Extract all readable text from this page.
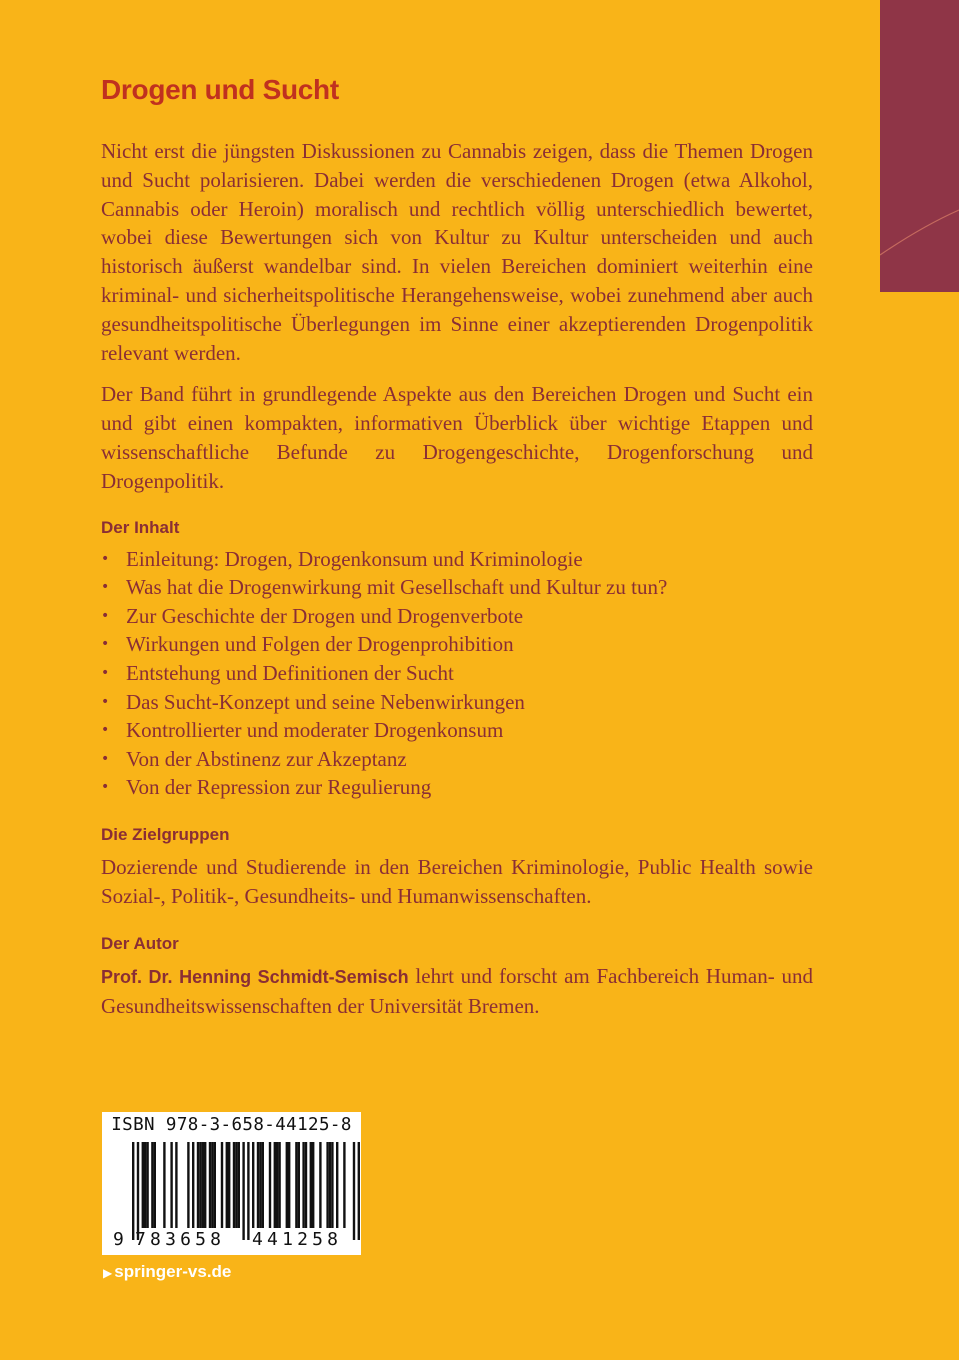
Drogen und Sucht

Nicht erst die jüngsten Diskussionen zu Cannabis zeigen, dass die Themen Drogen und Sucht polarisieren. Dabei werden die verschiedenen Drogen (etwa Alkohol, Cannabis oder Heroin) moralisch und rechtlich völlig unterschiedlich bewertet, wobei diese Bewertungen sich von Kultur zu Kultur unterscheiden und auch historisch äußerst wandelbar sind. In vielen Bereichen dominiert weiterhin eine kriminal- und sicherheitspolitische Herangehensweise, wobei zunehmend aber auch gesundheitspolitische Überlegungen im Sinne einer akzeptierenden Drogenpolitik relevant werden.

Der Band führt in grundlegende Aspekte aus den Bereichen Drogen und Sucht ein und gibt einen kompakten, informativen Überblick über wichtige Etappen und wissenschaftliche Befunde zu Drogengeschichte, Drogenforschung und Drogenpolitik.

Der Inhalt
• Einleitung: Drogen, Drogenkonsum und Kriminologie
• Was hat die Drogenwirkung mit Gesellschaft und Kultur zu tun?
• Zur Geschichte der Drogen und Drogenverbote
• Wirkungen und Folgen der Drogenprohibition
• Entstehung und Definitionen der Sucht
• Das Sucht-Konzept und seine Nebenwirkungen
• Kontrollierter und moderater Drogenkonsum
• Von der Abstinenz zur Akzeptanz
• Von der Repression zur Regulierung
Die Zielgruppen

Dozierende und Studierende in den Bereichen Kriminologie, Public Health sowie Sozial-, Politik-, Gesundheits- und Humanwissenschaften.

Der Autor

Prof. Dr. Henning Schmidt-Semisch lehrt und forscht am Fachbereich Human- und Gesundheitswissenschaften der Universität Bremen.

ISBN 978-3-658-44125-8
9 783658 441258
▶ springer-vs.de
